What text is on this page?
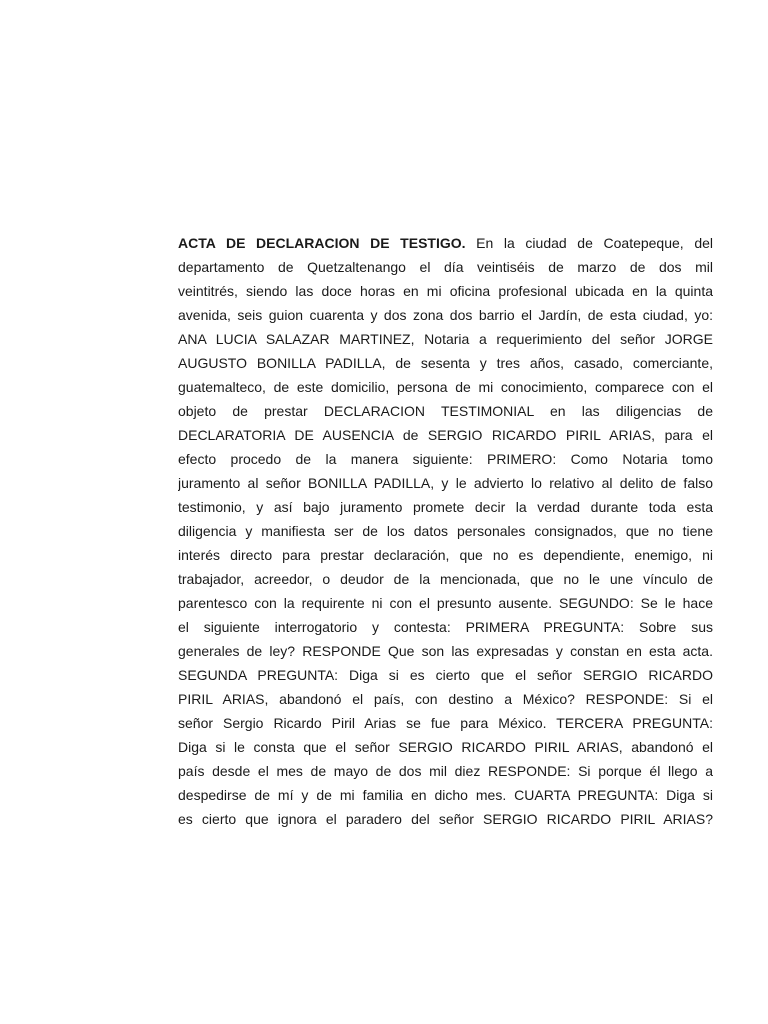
ACTA DE DECLARACION DE TESTIGO. En la ciudad de Coatepeque, del
departamento de Quetzaltenango el día veintiséis de marzo de dos mil
veintitrés, siendo las doce horas en mi oficina profesional ubicada en la quinta
avenida, seis guion cuarenta y dos zona dos barrio el Jardín, de esta ciudad, yo:
ANA LUCIA SALAZAR MARTINEZ, Notaria a requerimiento del señor JORGE
AUGUSTO BONILLA PADILLA, de sesenta y tres años, casado, comerciante,
guatemalteco, de este domicilio, persona de mi conocimiento, comparece con el
objeto de prestar DECLARACION TESTIMONIAL en las diligencias de
DECLARATORIA DE AUSENCIA de SERGIO RICARDO PIRIL ARIAS, para el
efecto procedo de la manera siguiente: PRIMERO: Como Notaria tomo
juramento al señor BONILLA PADILLA, y le advierto lo relativo al delito de falso
testimonio, y así bajo juramento promete decir la verdad durante toda esta
diligencia y manifiesta ser de los datos personales consignados, que no tiene
interés directo para prestar declaración, que no es dependiente, enemigo, ni
trabajador, acreedor, o deudor de la mencionada, que no le une vínculo de
parentesco con la requirente ni con el presunto ausente. SEGUNDO: Se le hace
el siguiente interrogatorio y contesta: PRIMERA PREGUNTA: Sobre sus
generales de ley? RESPONDE Que son las expresadas y constan en esta acta.
SEGUNDA PREGUNTA: Diga si es cierto que el señor SERGIO RICARDO
PIRIL ARIAS, abandonó el país, con destino a México? RESPONDE: Si el
señor Sergio Ricardo Piril Arias se fue para México. TERCERA PREGUNTA:
Diga si le consta que el señor SERGIO RICARDO PIRIL ARIAS, abandonó el
país desde el mes de mayo de dos mil diez RESPONDE: Si porque él llego a
despedirse de mí y de mi familia en dicho mes. CUARTA PREGUNTA: Diga si
es cierto que ignora el paradero del señor SERGIO RICARDO PIRIL ARIAS?
